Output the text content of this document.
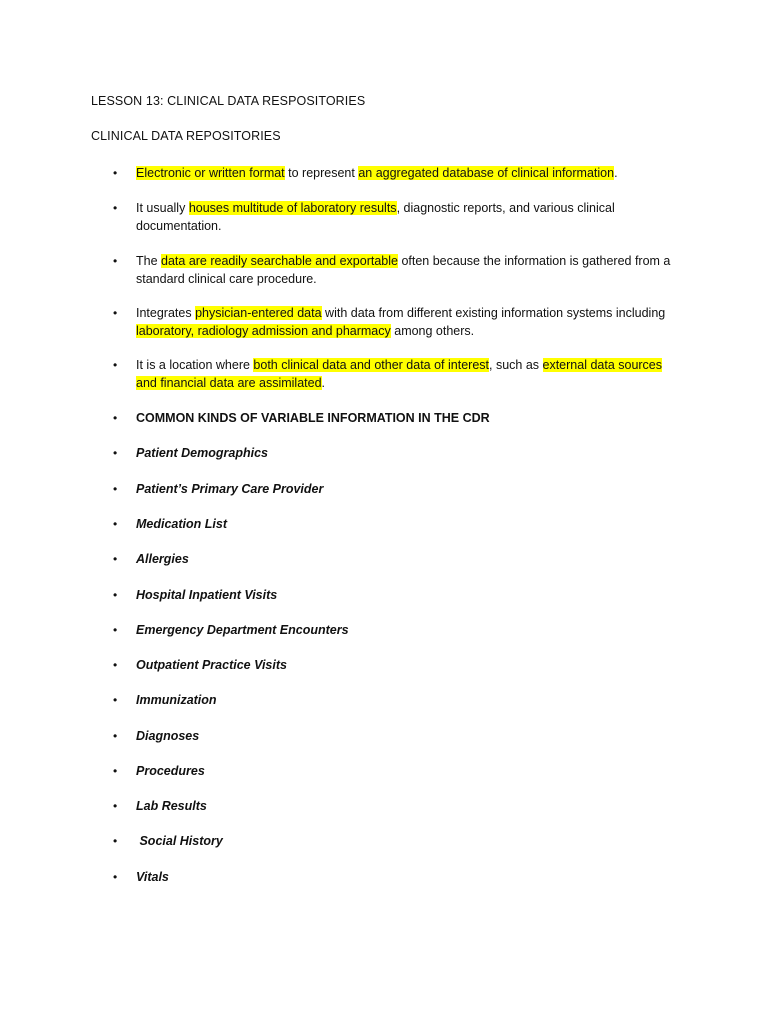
LESSON 13: CLINICAL DATA RESPOSITORIES
CLINICAL DATA REPOSITORIES
• Electronic or written format to represent an aggregated database of clinical information.
• It usually houses multitude of laboratory results, diagnostic reports, and various clinical documentation.
• The data are readily searchable and exportable often because the information is gathered from a standard clinical care procedure.
• Integrates physician-entered data with data from different existing information systems including laboratory, radiology admission and pharmacy among others.
• It is a location where both clinical data and other data of interest, such as external data sources and financial data are assimilated.
• COMMON KINDS OF VARIABLE INFORMATION IN THE CDR
• Patient Demographics
• Patient’s Primary Care Provider
• Medication List
• Allergies
• Hospital Inpatient Visits
• Emergency Department Encounters
• Outpatient Practice Visits
• Immunization
• Diagnoses
• Procedures
• Lab Results
• Social History
• Vitals
